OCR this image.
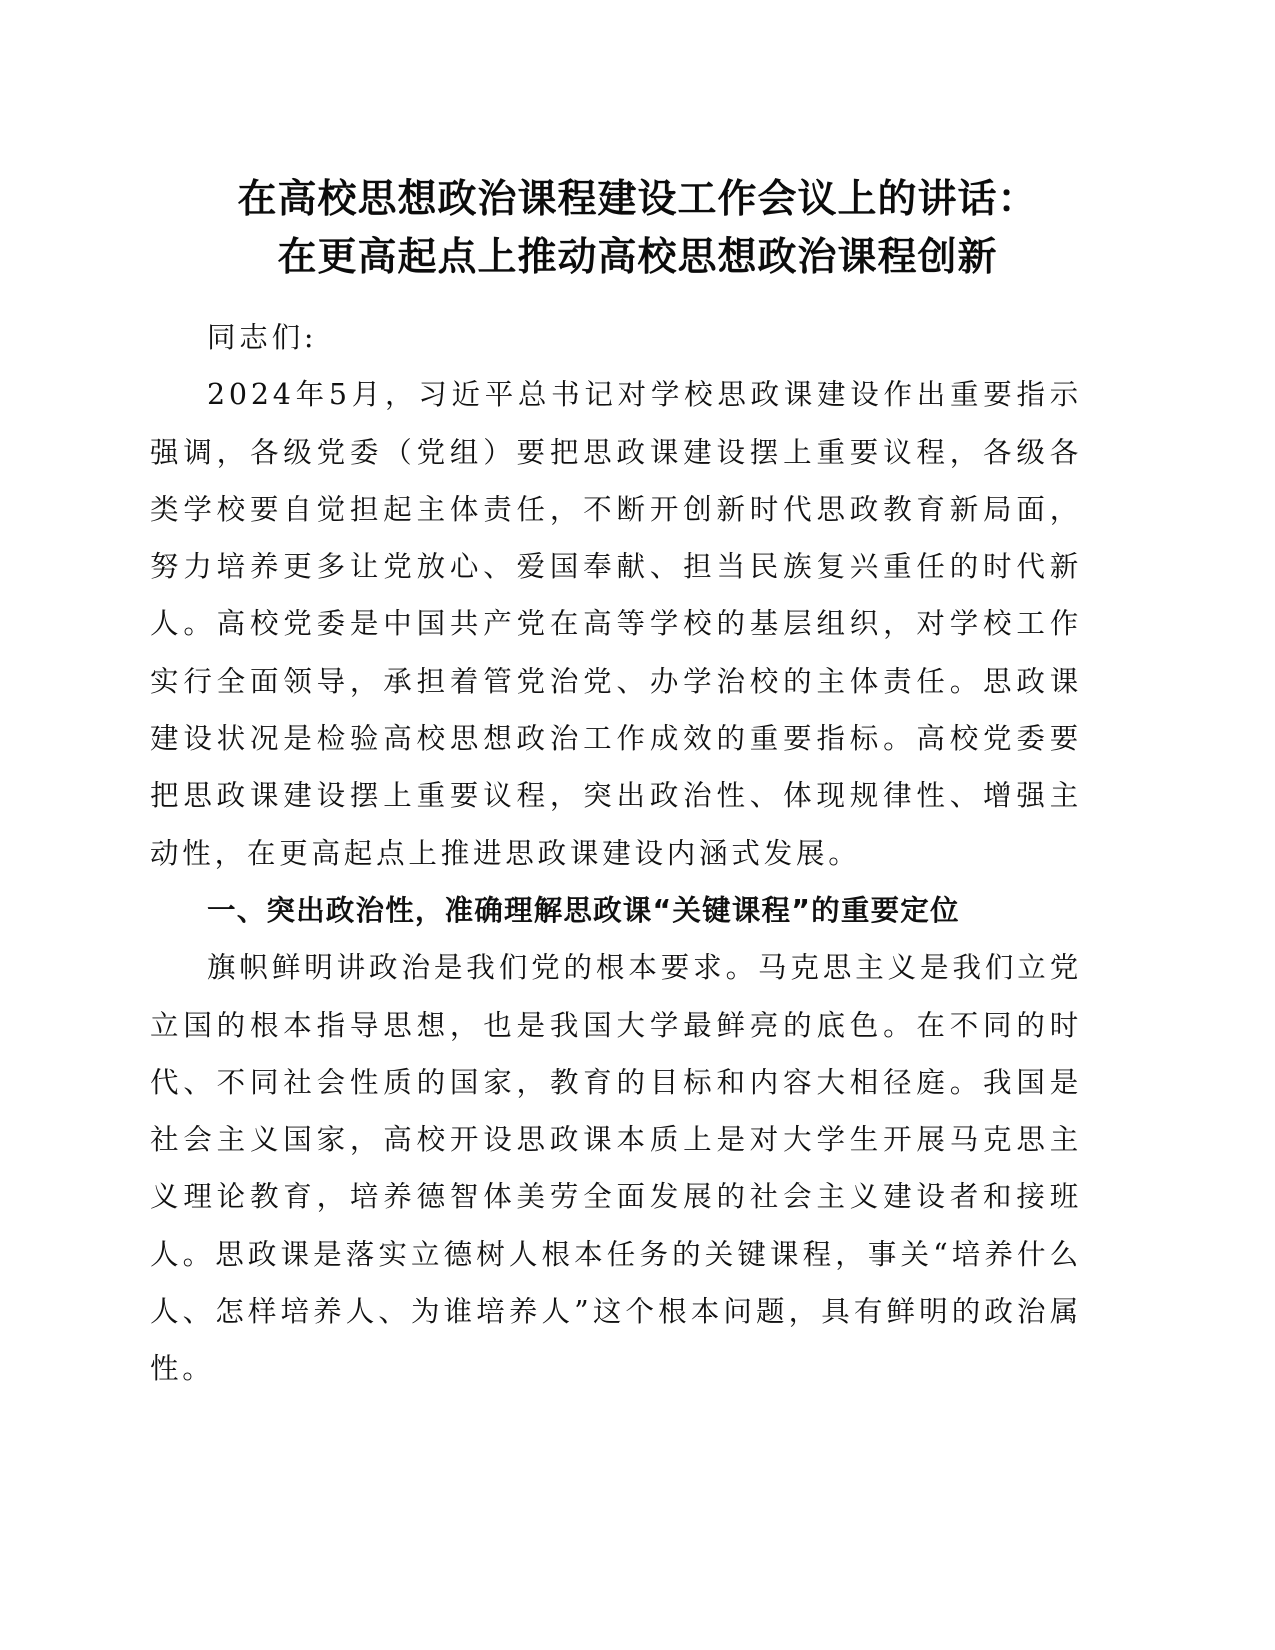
在高校思想政治课程建设工作会议上的讲话：
在更高起点上推动高校思想政治课程创新

同志们:

2024年5月，习近平总书记对学校思政课建设作出重要指示强调，各级党委（党组）要把思政课建设摆上重要议程，各级各类学校要自觉担起主体责任，不断开创新时代思政教育新局面，努力培养更多让党放心、爱国奉献、担当民族复兴重任的时代新人。高校党委是中国共产党在高等学校的基层组织，对学校工作实行全面领导，承担着管党治党、办学治校的主体责任。思政课建设状况是检验高校思想政治工作成效的重要指标。高校党委要把思政课建设摆上重要议程，突出政治性、体现规律性、增强主动性，在更高起点上推进思政课建设内涵式发展。

一、突出政治性，准确理解思政课“关键课程”的重要定位

旗帜鲜明讲政治是我们党的根本要求。马克思主义是我们立党立国的根本指导思想，也是我国大学最鲜亮的底色。在不同的时代、不同社会性质的国家，教育的目标和内容大相径庭。我国是社会主义国家，高校开设思政课本质上是对大学生开展马克思主义理论教育，培养德智体美劳全面发展的社会主义建设者和接班人。思政课是落实立德树人根本任务的关键课程，事关“培养什么人、怎样培养人、为谁培养人”这个根本问题，具有鲜明的政治属性。
